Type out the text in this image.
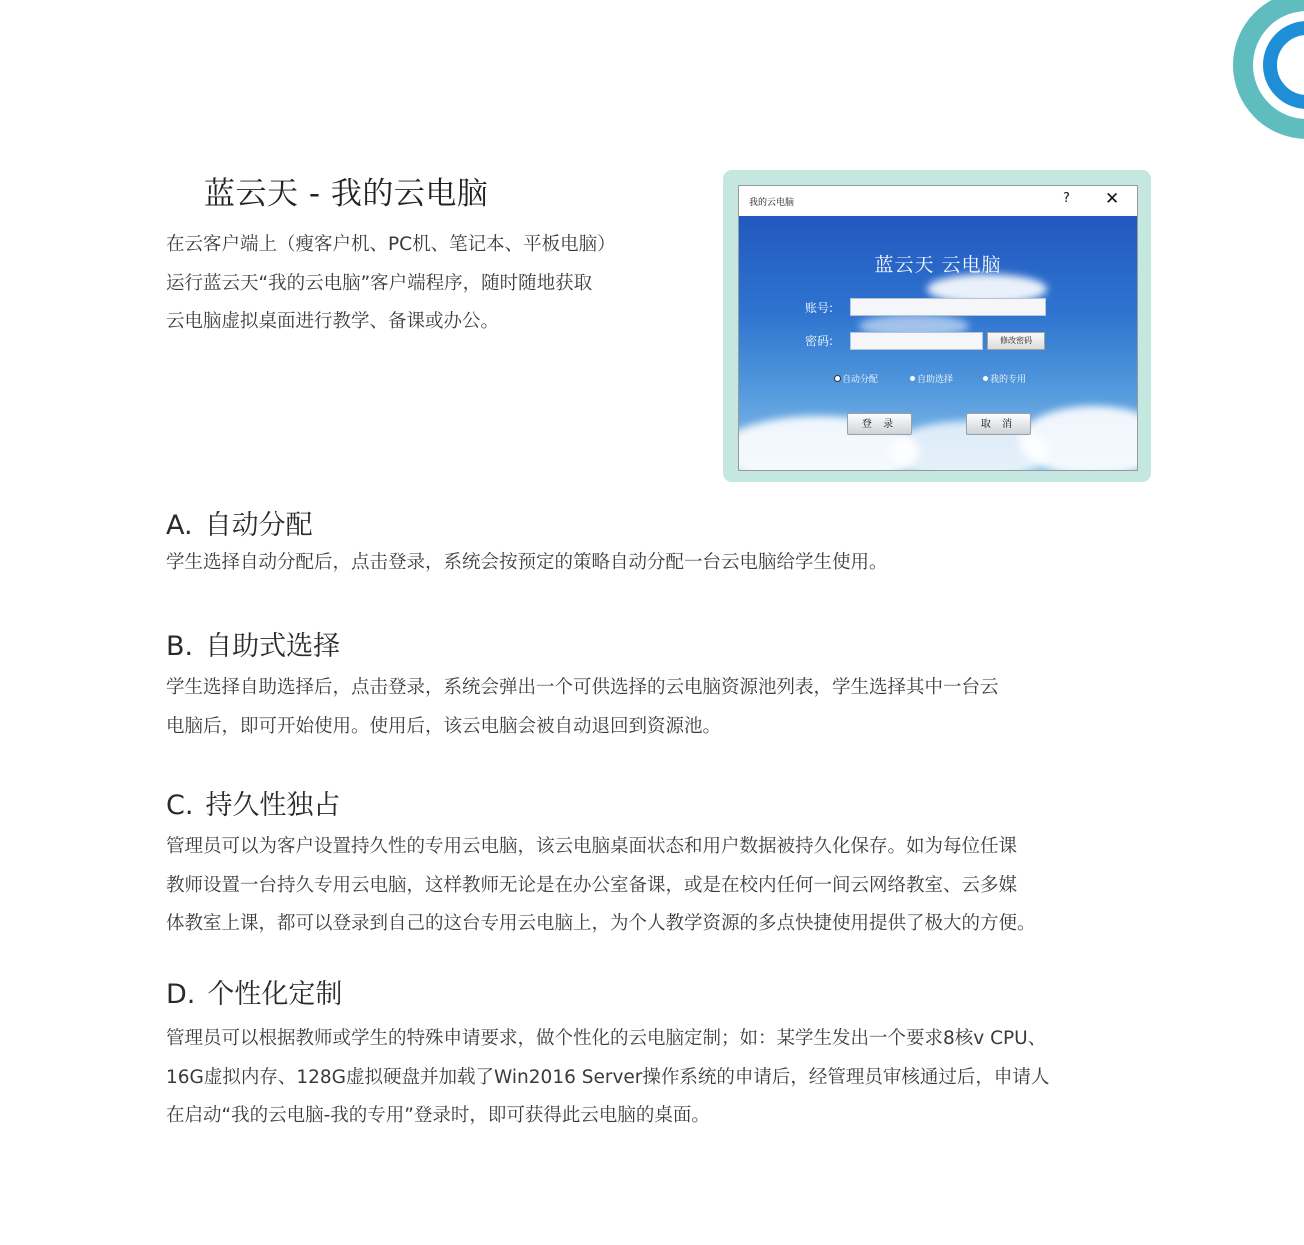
蓝云天 - 我的云电脑

在云客户端上（瘦客户机、PC机、笔记本、平板电脑）

运行蓝云天“我的云电脑”客户端程序，随时随地获取

云电脑虚拟桌面进行教学、备课或办公。

我的云电脑	? ✕
蓝云天 云电脑
账号:
密码:	修改密码
自动分配	自助选择	我的专用
登 录	取 消
A. 自动分配

学生选择自动分配后，点击登录，系统会按预定的策略自动分配一台云电脑给学生使用。

B. 自助式选择

学生选择自助选择后，点击登录，系统会弹出一个可供选择的云电脑资源池列表，学生选择其中一台云

电脑后，即可开始使用。使用后，该云电脑会被自动退回到资源池。

C. 持久性独占

管理员可以为客户设置持久性的专用云电脑，该云电脑桌面状态和用户数据被持久化保存。如为每位任课

教师设置一台持久专用云电脑，这样教师无论是在办公室备课，或是在校内任何一间云网络教室、云多媒

体教室上课，都可以登录到自己的这台专用云电脑上，为个人教学资源的多点快捷使用提供了极大的方便。

D. 个性化定制

管理员可以根据教师或学生的特殊申请要求，做个性化的云电脑定制；如：某学生发出一个要求8核v CPU、

16G虚拟内存、128G虚拟硬盘并加载了Win2016 Server操作系统的申请后，经管理员审核通过后，申请人

在启动“我的云电脑-我的专用”登录时，即可获得此云电脑的桌面。
